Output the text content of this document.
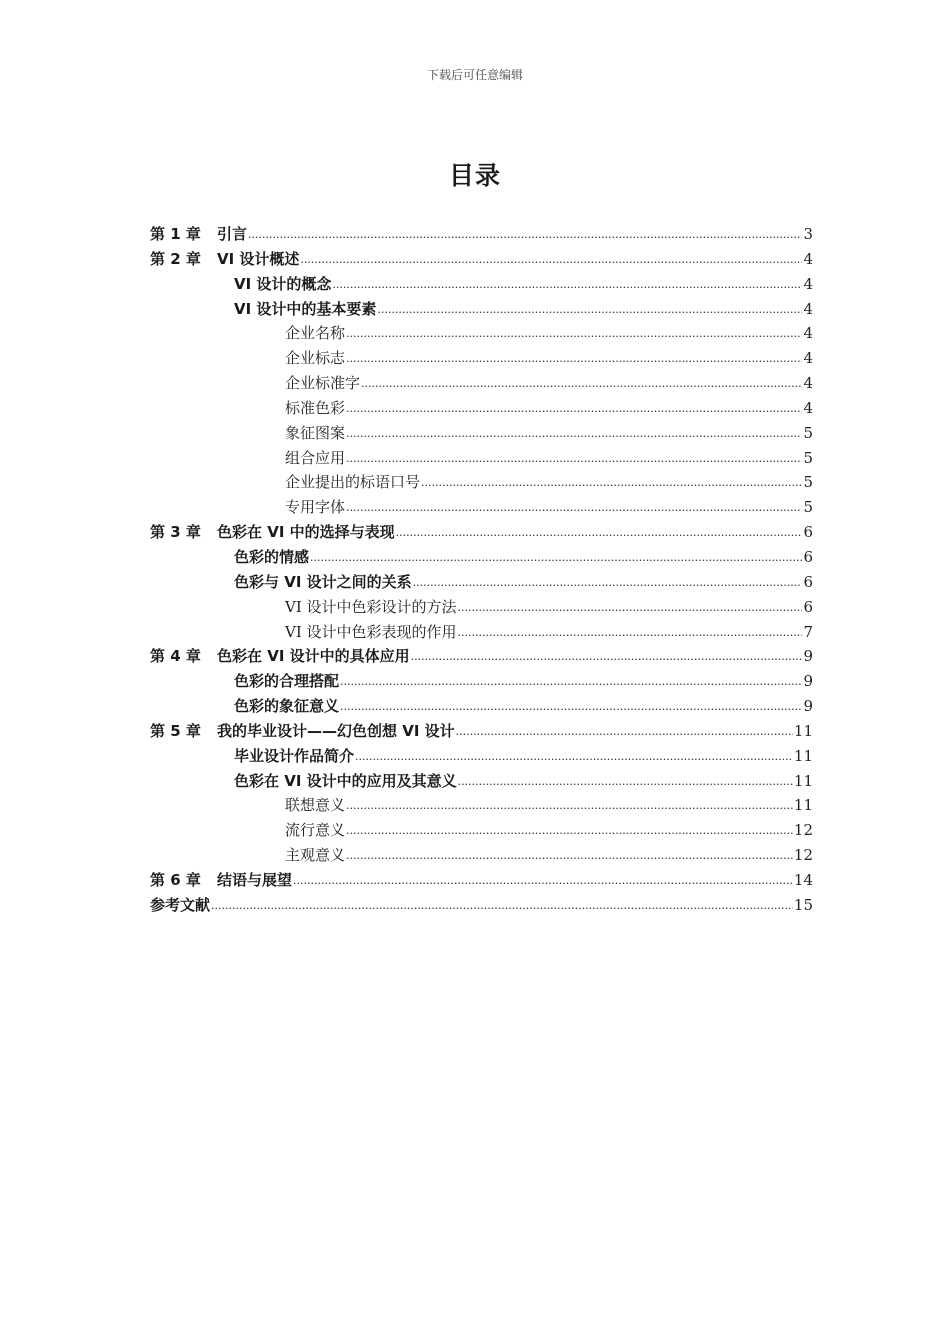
下载后可任意编辑
目录
第 1 章	引言 .....	3
第 2 章	VI 设计概述 .....	4
VI 设计的概念 .....	4
VI 设计中的基本要素 .....	4
企业名称 .....	4
企业标志 .....	4
企业标准字 .....	4
标准色彩 .....	4
象征图案 .....	5
组合应用 .....	5
企业提出的标语口号 .....	5
专用字体 .....	5
第 3 章	色彩在 VI 中的选择与表现 .....	6
色彩的情感 .....	6
色彩与 VI 设计之间的关系 .....	6
VI 设计中色彩设计的方法 .....	6
VI 设计中色彩表现的作用 .....	7
第 4 章	色彩在 VI 设计中的具体应用 .....	9
色彩的合理搭配 .....	9
色彩的象征意义 .....	9
第 5 章	我的毕业设计——幻色创想 VI 设计 .....	11
毕业设计作品简介 .....	11
色彩在 VI 设计中的应用及其意义 .....	11
联想意义 .....	11
流行意义 .....	12
主观意义 .....	12
第 6 章	结语与展望 .....	14
参考文献 .....	15
